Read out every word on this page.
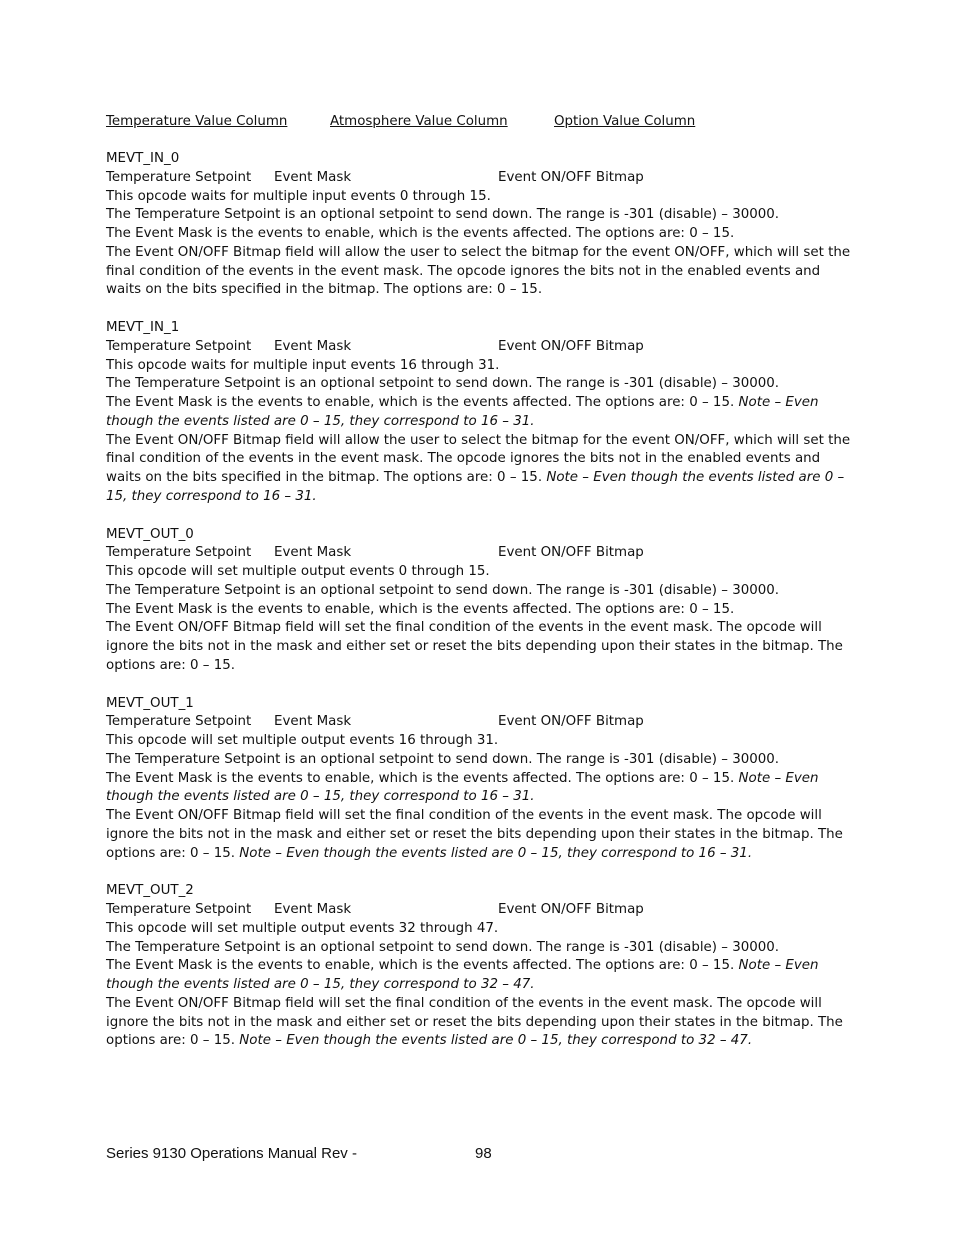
Temperature Value Column	Atmosphere Value Column	Option Value Column
MEVT_IN_0
Temperature Setpoint	Event Mask	Event ON/OFF Bitmap

This opcode waits for multiple input events 0 through 15.

The Temperature Setpoint is an optional setpoint to send down. The range is -301 (disable) – 30000.

The Event Mask is the events to enable, which is the events affected. The options are: 0 – 15.

The Event ON/OFF Bitmap field will allow the user to select the bitmap for the event ON/OFF, which will set the final condition of the events in the event mask. The opcode ignores the bits not in the enabled events and waits on the bits specified in the bitmap. The options are: 0 – 15.

MEVT_IN_1
Temperature Setpoint	Event Mask	Event ON/OFF Bitmap

This opcode waits for multiple input events 16 through 31.

The Temperature Setpoint is an optional setpoint to send down. The range is -301 (disable) – 30000.

The Event Mask is the events to enable, which is the events affected. The options are: 0 – 15. Note – Even though the events listed are 0 – 15, they correspond to 16 – 31.

The Event ON/OFF Bitmap field will allow the user to select the bitmap for the event ON/OFF, which will set the final condition of the events in the event mask. The opcode ignores the bits not in the enabled events and waits on the bits specified in the bitmap. The options are: 0 – 15. Note – Even though the events listed are 0 – 15, they correspond to 16 – 31.

MEVT_OUT_0
Temperature Setpoint	Event Mask	Event ON/OFF Bitmap

This opcode will set multiple output events 0 through 15.

The Temperature Setpoint is an optional setpoint to send down. The range is -301 (disable) – 30000.

The Event Mask is the events to enable, which is the events affected. The options are: 0 – 15.

The Event ON/OFF Bitmap field will set the final condition of the events in the event mask. The opcode will ignore the bits not in the mask and either set or reset the bits depending upon their states in the bitmap. The options are: 0 – 15.

MEVT_OUT_1
Temperature Setpoint	Event Mask	Event ON/OFF Bitmap

This opcode will set multiple output events 16 through 31.

The Temperature Setpoint is an optional setpoint to send down. The range is -301 (disable) – 30000.

The Event Mask is the events to enable, which is the events affected. The options are: 0 – 15. Note – Even though the events listed are 0 – 15, they correspond to 16 – 31.

The Event ON/OFF Bitmap field will set the final condition of the events in the event mask. The opcode will ignore the bits not in the mask and either set or reset the bits depending upon their states in the bitmap. The options are: 0 – 15. Note – Even though the events listed are 0 – 15, they correspond to 16 – 31.

MEVT_OUT_2
Temperature Setpoint	Event Mask	Event ON/OFF Bitmap

This opcode will set multiple output events 32 through 47.

The Temperature Setpoint is an optional setpoint to send down. The range is -301 (disable) – 30000.

The Event Mask is the events to enable, which is the events affected. The options are: 0 – 15. Note – Even though the events listed are 0 – 15, they correspond to 32 – 47.

The Event ON/OFF Bitmap field will set the final condition of the events in the event mask. The opcode will ignore the bits not in the mask and either set or reset the bits depending upon their states in the bitmap. The options are: 0 – 15. Note – Even though the events listed are 0 – 15, they correspond to 32 – 47.

Series 9130 Operations Manual Rev -	98
